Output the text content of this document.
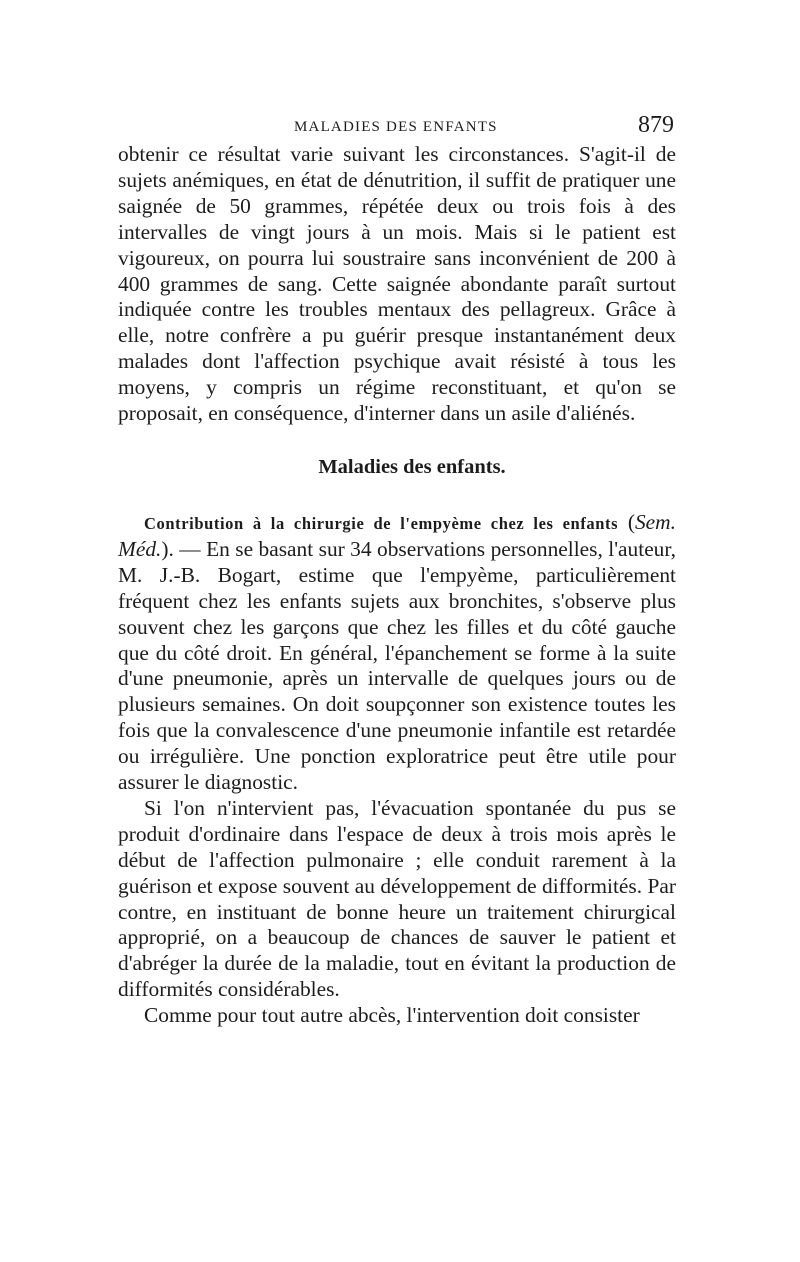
MALADIES DES ENFANTS	879

obtenir ce résultat varie suivant les circonstances. S'agit-il de sujets anémiques, en état de dénutrition, il suffit de pratiquer une saignée de 50 grammes, répétée deux ou trois fois à des intervalles de vingt jours à un mois. Mais si le patient est vigoureux, on pourra lui soustraire sans inconvénient de 200 à 400 grammes de sang. Cette saignée abondante paraît surtout indiquée contre les troubles mentaux des pellagreux. Grâce à elle, notre confrère a pu guérir presque instantanément deux malades dont l'affection psychique avait résisté à tous les moyens, y compris un régime reconstituant, et qu'on se proposait, en conséquence, d'interner dans un asile d'aliénés.

Maladies des enfants.

Contribution à la chirurgie de l'empyème chez les enfants (Sem. Méd.). — En se basant sur 34 observations personnelles, l'auteur, M. J.-B. Bogart, estime que l'empyème, particulièrement fréquent chez les enfants sujets aux bronchites, s'observe plus souvent chez les garçons que chez les filles et du côté gauche que du côté droit. En général, l'épanchement se forme à la suite d'une pneumonie, après un intervalle de quelques jours ou de plusieurs semaines. On doit soupçonner son existence toutes les fois que la convalescence d'une pneumonie infantile est retardée ou irrégulière. Une ponction exploratrice peut être utile pour assurer le diagnostic.

Si l'on n'intervient pas, l'évacuation spontanée du pus se produit d'ordinaire dans l'espace de deux à trois mois après le début de l'affection pulmonaire ; elle conduit rarement à la guérison et expose souvent au développement de difformités. Par contre, en instituant de bonne heure un traitement chirurgical approprié, on a beaucoup de chances de sauver le patient et d'abréger la durée de la maladie, tout en évitant la production de difformités considérables.

Comme pour tout autre abcès, l'intervention doit consister
